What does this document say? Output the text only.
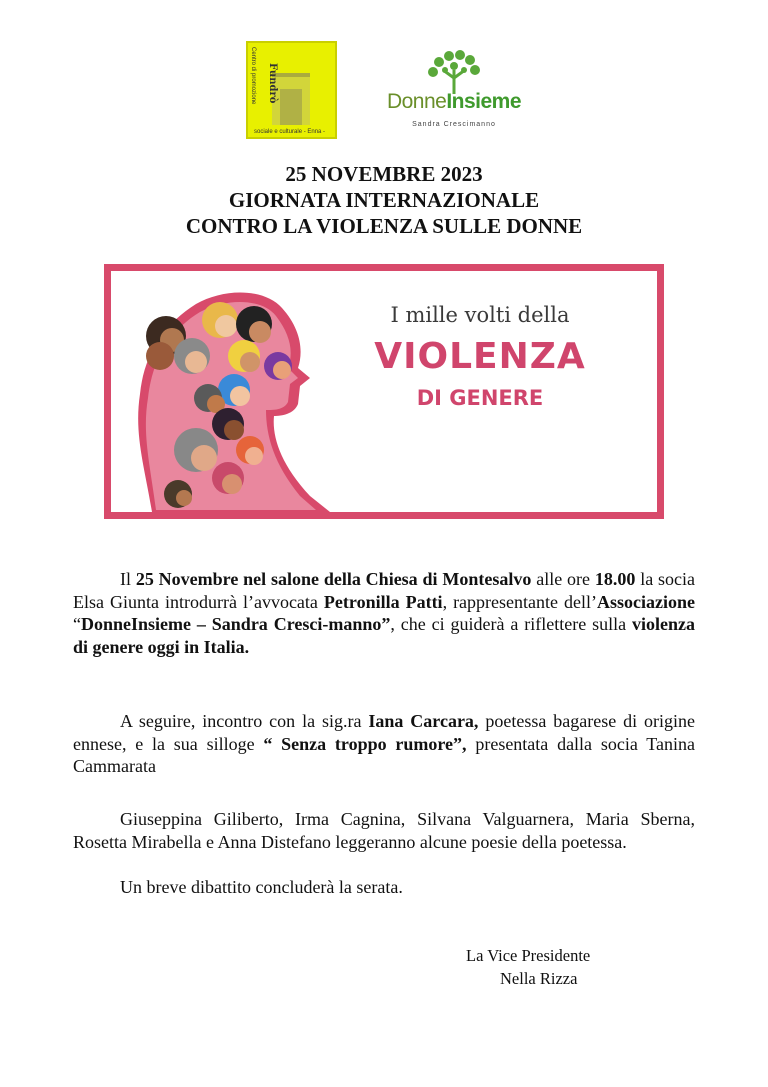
Fundrò
Centro di promozione
sociale e culturale - Enna -
DonneInsieme
Sandra Crescimanno
25 NOVEMBRE 2023
GIORNATA INTERNAZIONALE
CONTRO LA VIOLENZA SULLE DONNE
I mille volti della
VIOLENZA
DI GENERE

Il 25 Novembre nel salone della Chiesa di Montesalvo alle ore 18.00 la socia Elsa Giunta introdurrà l’avvocata Petronilla Patti, rappresentante dell’Associazione “DonneInsieme – Sandra Cresci-manno”, che ci guiderà a riflettere sulla violenza di genere oggi in Italia.

A seguire, incontro con la sig.ra Iana Carcara, poetessa bagarese di origine ennese, e la sua silloge “ Senza troppo rumore”, presentata dalla socia Tanina Cammarata

Giuseppina Giliberto, Irma Cagnina, Silvana Valguarnera, Maria Sberna, Rosetta Mirabella e Anna Distefano leggeranno alcune poesie della poetessa.

Un breve dibattito concluderà la serata.

La Vice Presidente
Nella Rizza
